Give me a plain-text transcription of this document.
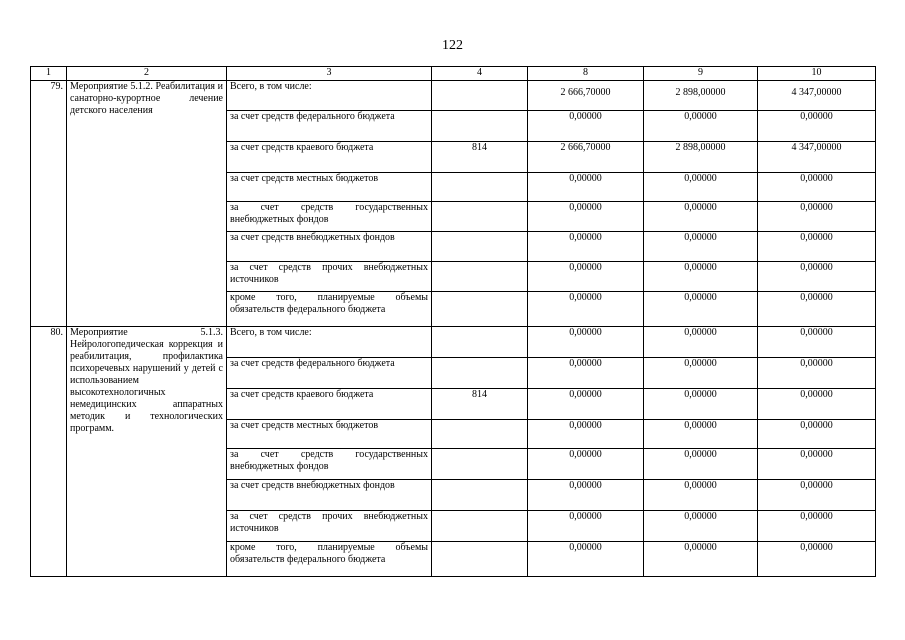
122
1	2	3	4	8	9	10
79.	Мероприятие 5.1.2. Реабилитация и санаторно-курортное лечение детского населения	Всего, в том числе:		2 666,70000	2 898,00000	4 347,00000
		за счет средств федерального бюджета		0,00000	0,00000	0,00000
		за счет средств краевого бюджета	814	2 666,70000	2 898,00000	4 347,00000
		за счет средств местных бюджетов		0,00000	0,00000	0,00000
		за счет средств государственных внебюджетных фондов		0,00000	0,00000	0,00000
		за счет средств внебюджетных фондов		0,00000	0,00000	0,00000
		за счет средств прочих внебюджетных источников		0,00000	0,00000	0,00000
		кроме того, планируемые объемы обязательств федерального бюджета		0,00000	0,00000	0,00000
80.	Мероприятие 5.1.3. Нейрологопедическая коррекция и реабилитация, профилактика психоречевых нарушений у детей с использованием высокотехнологичных немедицинских аппаратных методик и технологических программ.	Всего, в том числе:		0,00000	0,00000	0,00000
		за счет средств федерального бюджета		0,00000	0,00000	0,00000
		за счет средств краевого бюджета	814	0,00000	0,00000	0,00000
		за счет средств местных бюджетов		0,00000	0,00000	0,00000
		за счет средств государственных внебюджетных фондов		0,00000	0,00000	0,00000
		за счет средств внебюджетных фондов		0,00000	0,00000	0,00000
		за счет средств прочих внебюджетных источников		0,00000	0,00000	0,00000
		кроме того, планируемые объемы обязательств федерального бюджета		0,00000	0,00000	0,00000
